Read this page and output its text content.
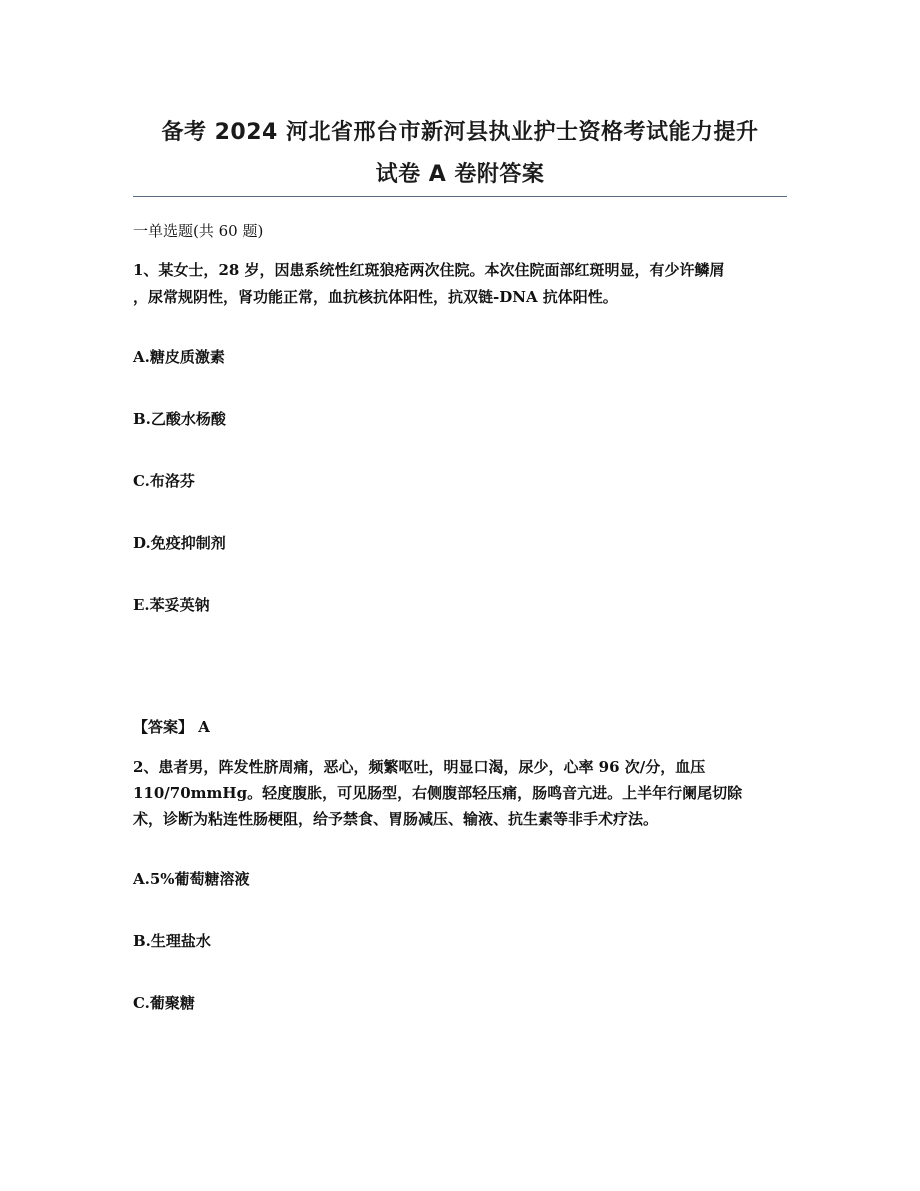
备考 2024 河北省邢台市新河县执业护士资格考试能力提升
试卷 A 卷附答案
一单选题(共 60 题)
1、某女士，28 岁，因患系统性红斑狼疮两次住院。本次住院面部红斑明显，有少许鳞屑
，尿常规阴性，肾功能正常，血抗核抗体阳性，抗双链-DNA 抗体阳性。
A.糖皮质激素
B.乙酸水杨酸
C.布洛芬
D.免疫抑制剂
E.苯妥英钠
【答案】 A
2、患者男，阵发性脐周痛，恶心，频繁呕吐，明显口渴，尿少，心率 96 次/分，血压
110/70mmHg。轻度腹胀，可见肠型，右侧腹部轻压痛，肠鸣音亢进。上半年行阑尾切除
术，诊断为粘连性肠梗阻，给予禁食、胃肠减压、输液、抗生素等非手术疗法。
A.5%葡萄糖溶液
B.生理盐水
C.葡聚糖
